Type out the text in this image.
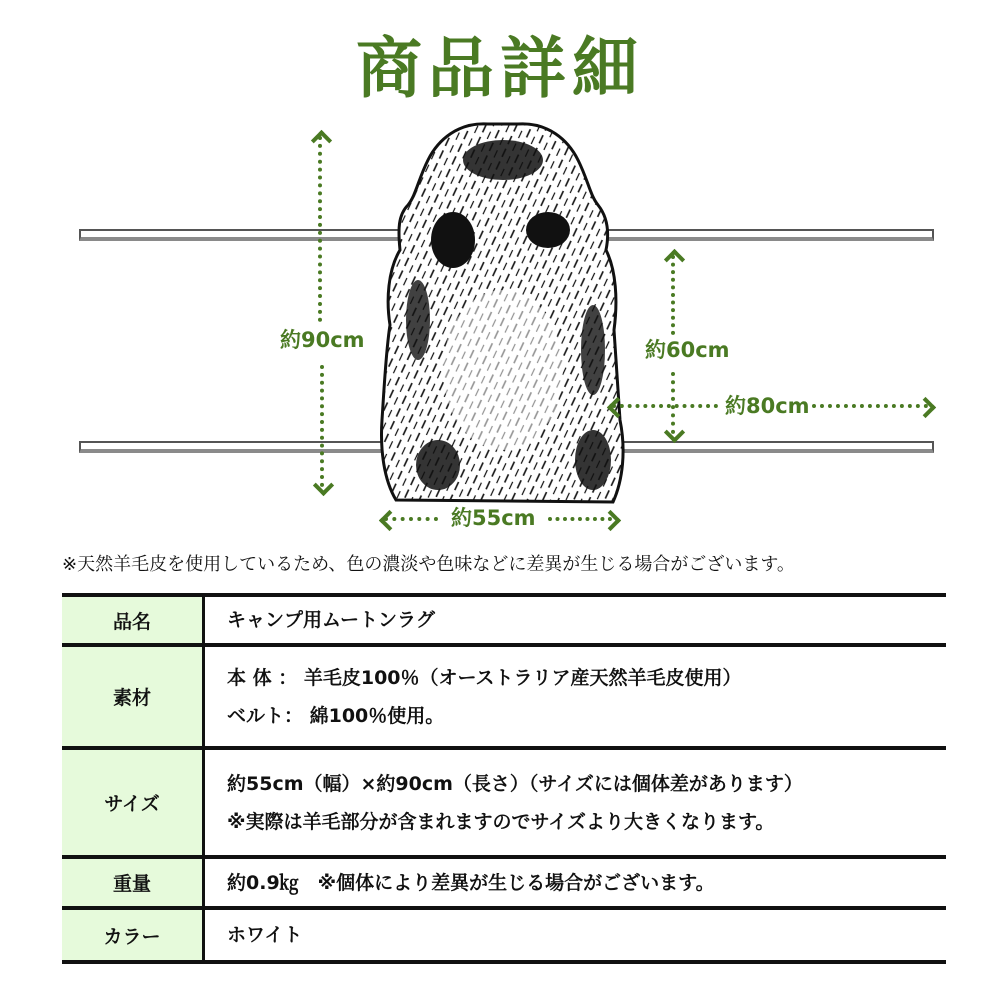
商品詳細
約90cm	約60cm
約80cm
約55cm
※天然羊毛皮を使用しているため、色の濃淡や色味などに差異が生じる場合がございます。
品名	キャンプ用ムートンラグ

素材	本 体 ： 羊毛皮100％（オーストラリア産天然羊毛皮使用）
ベルト： 綿100％使用。

サイズ	約55cm（幅）×約90cm（長さ）（サイズには個体差があります）
※実際は羊毛部分が含まれますのでサイズより大きくなります。

重量	約0.9㎏　※個体により差異が生じる場合がございます。

カラー	ホワイト
